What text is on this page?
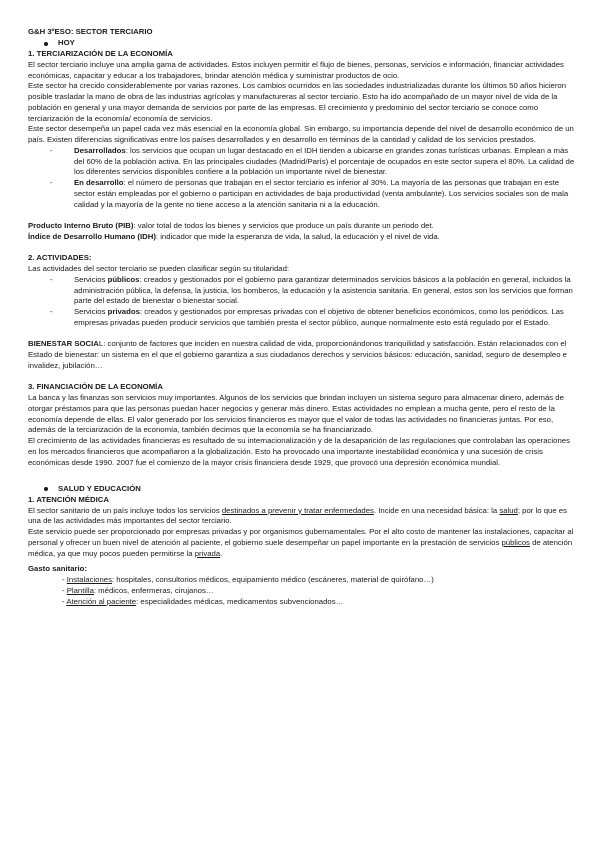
G&H 3ºESO: SECTOR TERCIARIO

HOY

1. TERCIARIZACIÓN DE LA ECONOMÍA

El sector terciario incluye una amplia gama de actividades. Estos incluyen permitir el flujo de bienes, personas, servicios e información, financiar actividades económicas, capacitar y educar a los trabajadores, brindar atención médica y suministrar productos de ocio.

Este sector ha crecido considerablemente por varias razones. Los cambios ocurridos en las sociedades industrializadas durante los últimos 50 años hicieron posible trasladar la mano de obra de las industrias agrícolas y manufactureras al sector terciario. Esto ha ido acompañado de un mayor nivel de vida de la población en general y una mayor demanda de servicios por parte de las empresas. El crecimiento y predominio del sector terciario se conoce como terciarización de la economía/ economía de servicios.

Este sector desempeña un papel cada vez más esencial en la economía global. Sin embargo, su importancia depende del nivel de desarrollo económico de un país. Existen diferencias significativas entre los países desarrollados y en desarrollo en términos de la cantidad y calidad de los servicios prestados.

-	Desarrollados: los servicios que ocupan un lugar destacado en el IDH tienden a ubicarse en grandes zonas turísticas urbanas. Emplean a más del 60% de la población activa. En las principales ciudades (Madrid/París) el porcentaje de ocupados en este sector supera el 80%. La calidad de los diferentes servicios disponibles confiere a la población un importante nivel de bienestar.
-	En desarrollo: el número de personas que trabajan en el sector terciario es inferior al 30%. La mayoría de las personas que trabajan en este sector están empleadas por el gobierno o participan en actividades de baja productividad (venta ambulante). Los servicios sociales son de mala calidad y la mayoría de la gente no tiene acceso a la atención sanitaria ni a la educación.

Producto Interno Bruto (PIB): valor total de todos los bienes y servicios que produce un país durante un periodo det.

Índice de Desarrollo Humano (IDH): indicador que mide la esperanza de vida, la salud, la educación y el nivel de vida.

2. ACTIVIDADES:

Las actividades del sector terciario se pueden clasificar según su titularidad:

-	Servicios públicos: creados y gestionados por el gobierno para garantizar determinados servicios básicos a la población en general, incluidos la administración pública, la defensa, la justicia, los bomberos, la educación y la asistencia sanitaria. En general, estos son los servicios que forman parte del estado de bienestar o bienestar social.
-	Servicios privados: creados y gestionados por empresas privadas con el objetivo de obtener beneficios económicos, como los periódicos. Las empresas privadas pueden producir servicios que también presta el sector público, aunque normalmente esto está regulado por el Estado.

BIENESTAR SOCIAL: conjunto de factores que inciden en nuestra calidad de vida, proporcionándonos tranquilidad y satisfacción. Están relacionados con el Estado de bienestar: un sistema en el que el gobierno garantiza a sus ciudadanos derechos y servicios básicos: educación, sanidad, seguro de desempleo e invalidez, jubilación…

3. FINANCIACIÓN DE LA ECONOMÍA

La banca y las finanzas son servicios muy importantes. Algunos de los servicios que brindan incluyen un sistema seguro para almacenar dinero, además de otorgar préstamos para que las personas puedan hacer negocios y generar más dinero. Estas actividades no emplean a mucha gente, pero el resto de la economía depende de ellas. El valor generado por los servicios financieros es mayor que el valor de todas las actividades no financieras juntas. Por eso, además de la terciarización de la economía, también decimos que la economía se ha financiarizado.

El crecimiento de las actividades financieras es resultado de su internacionalización y de la desaparición de las regulaciones que controlaban las operaciones en los mercados financieros que acompañaron a la globalización. Esto ha provocado una importante inestabilidad económica y una sucesión de crisis económicas desde 1990. 2007 fue el comienzo de la mayor crisis financiera desde 1929, que provocó una depresión económica mundial.

SALUD Y EDUCACIÓN

1. ATENCIÓN MÉDICA

El sector sanitario de un país incluye todos los servicios destinados a prevenir y tratar enfermedades. Incide en una necesidad básica: la salud; por lo que es una de las actividades más importantes del sector terciario.

Este servicio puede ser proporcionado por empresas privadas y por organismos gubernamentales. Por el alto costo de mantener las instalaciones, capacitar al personal y ofrecer un buen nivel de atención al paciente, el gobierno suele desempeñar un papel importante en la prestación de servicios públicos de atención médica, ya que muy pocos pueden permitirse la privada.

Gasto sanitario:

- Instalaciones: hospitales, consultorios médicos, equipamiento médico (escáneres, material de quirófano…)
- Plantilla: médicos, enfermeras, cirujanos…
- Atención al paciente: especialidades médicas, medicamentos subvencionados…
